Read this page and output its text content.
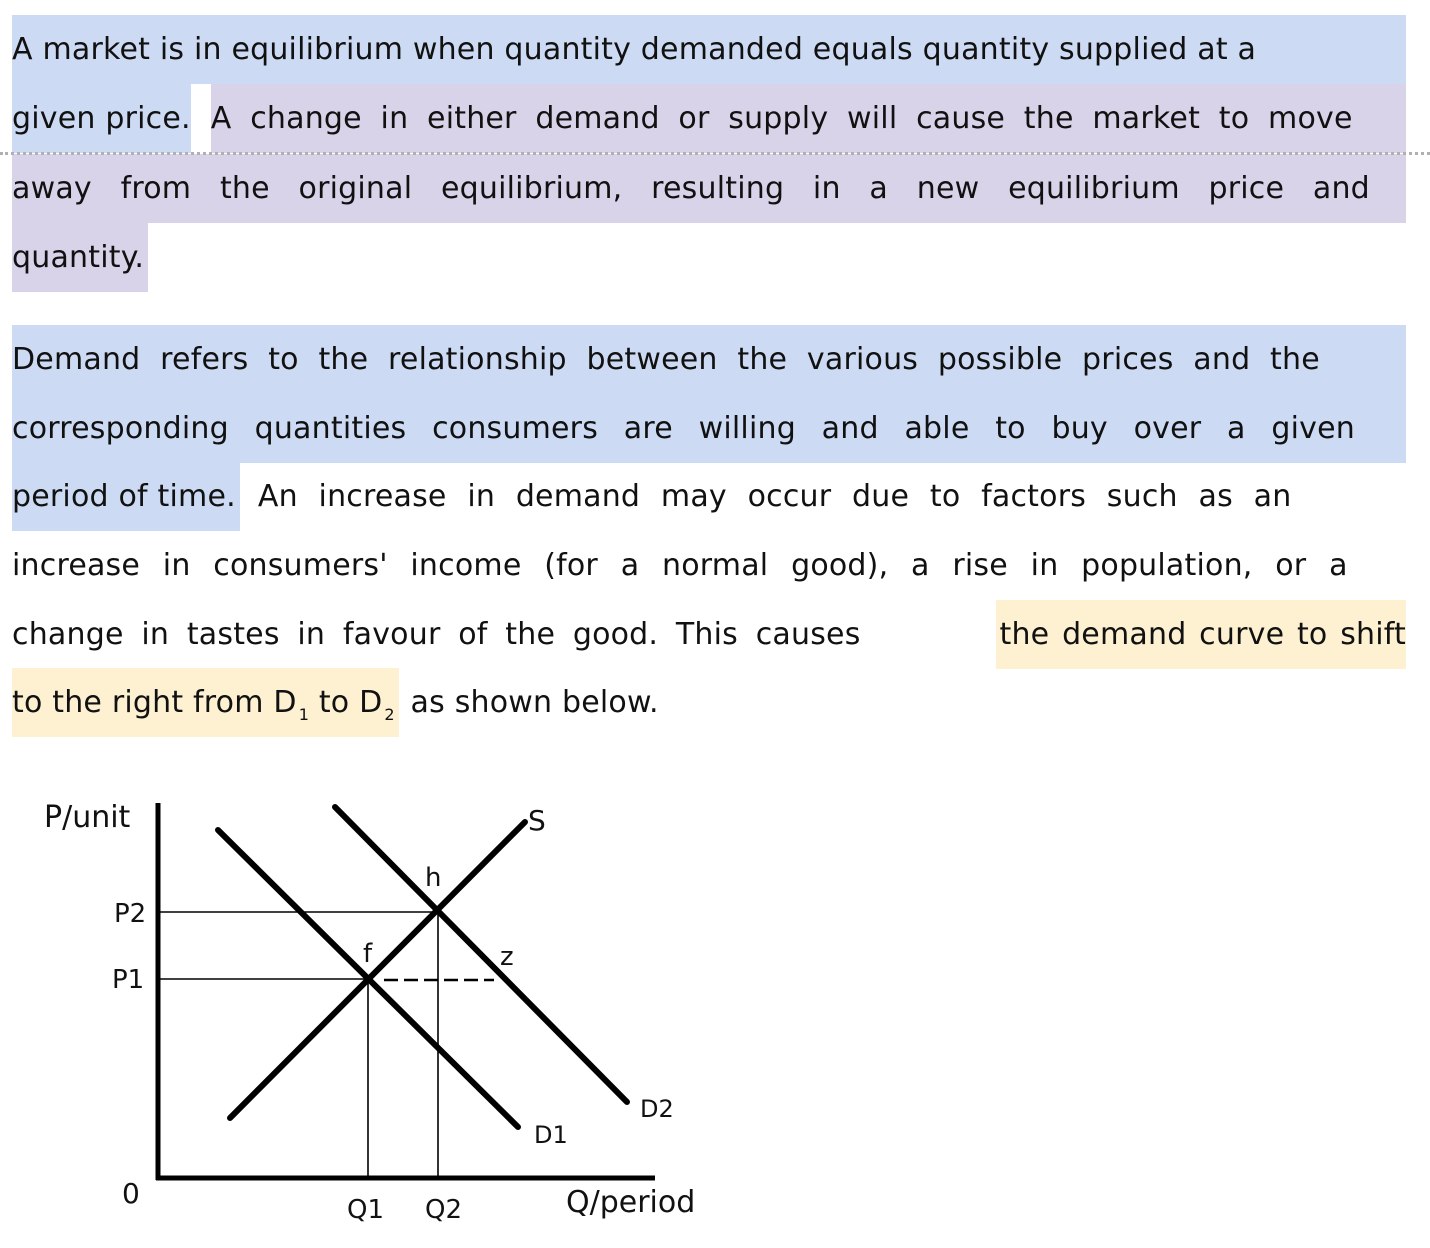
A market is in equilibrium when quantity demanded equals quantity supplied at a
given price. A change in either demand or supply will cause the market to move
away from the original equilibrium, resulting in a new equilibrium price and
quantity.
Demand refers to the relationship between the various possible prices and the
corresponding quantities consumers are willing and able to buy over a given
period of time. An increase in demand may occur due to factors such as an
increase in consumers' income (for a normal good), a rise in population, or a
change in tastes in favour of the good. This causes	the demand curve to shift
to the right from D $_1$ to D $_2$ as shown below.
P/unit
P2
P1
0	Q1 Q2	Q/period
S
D1
D2
h
f	z
